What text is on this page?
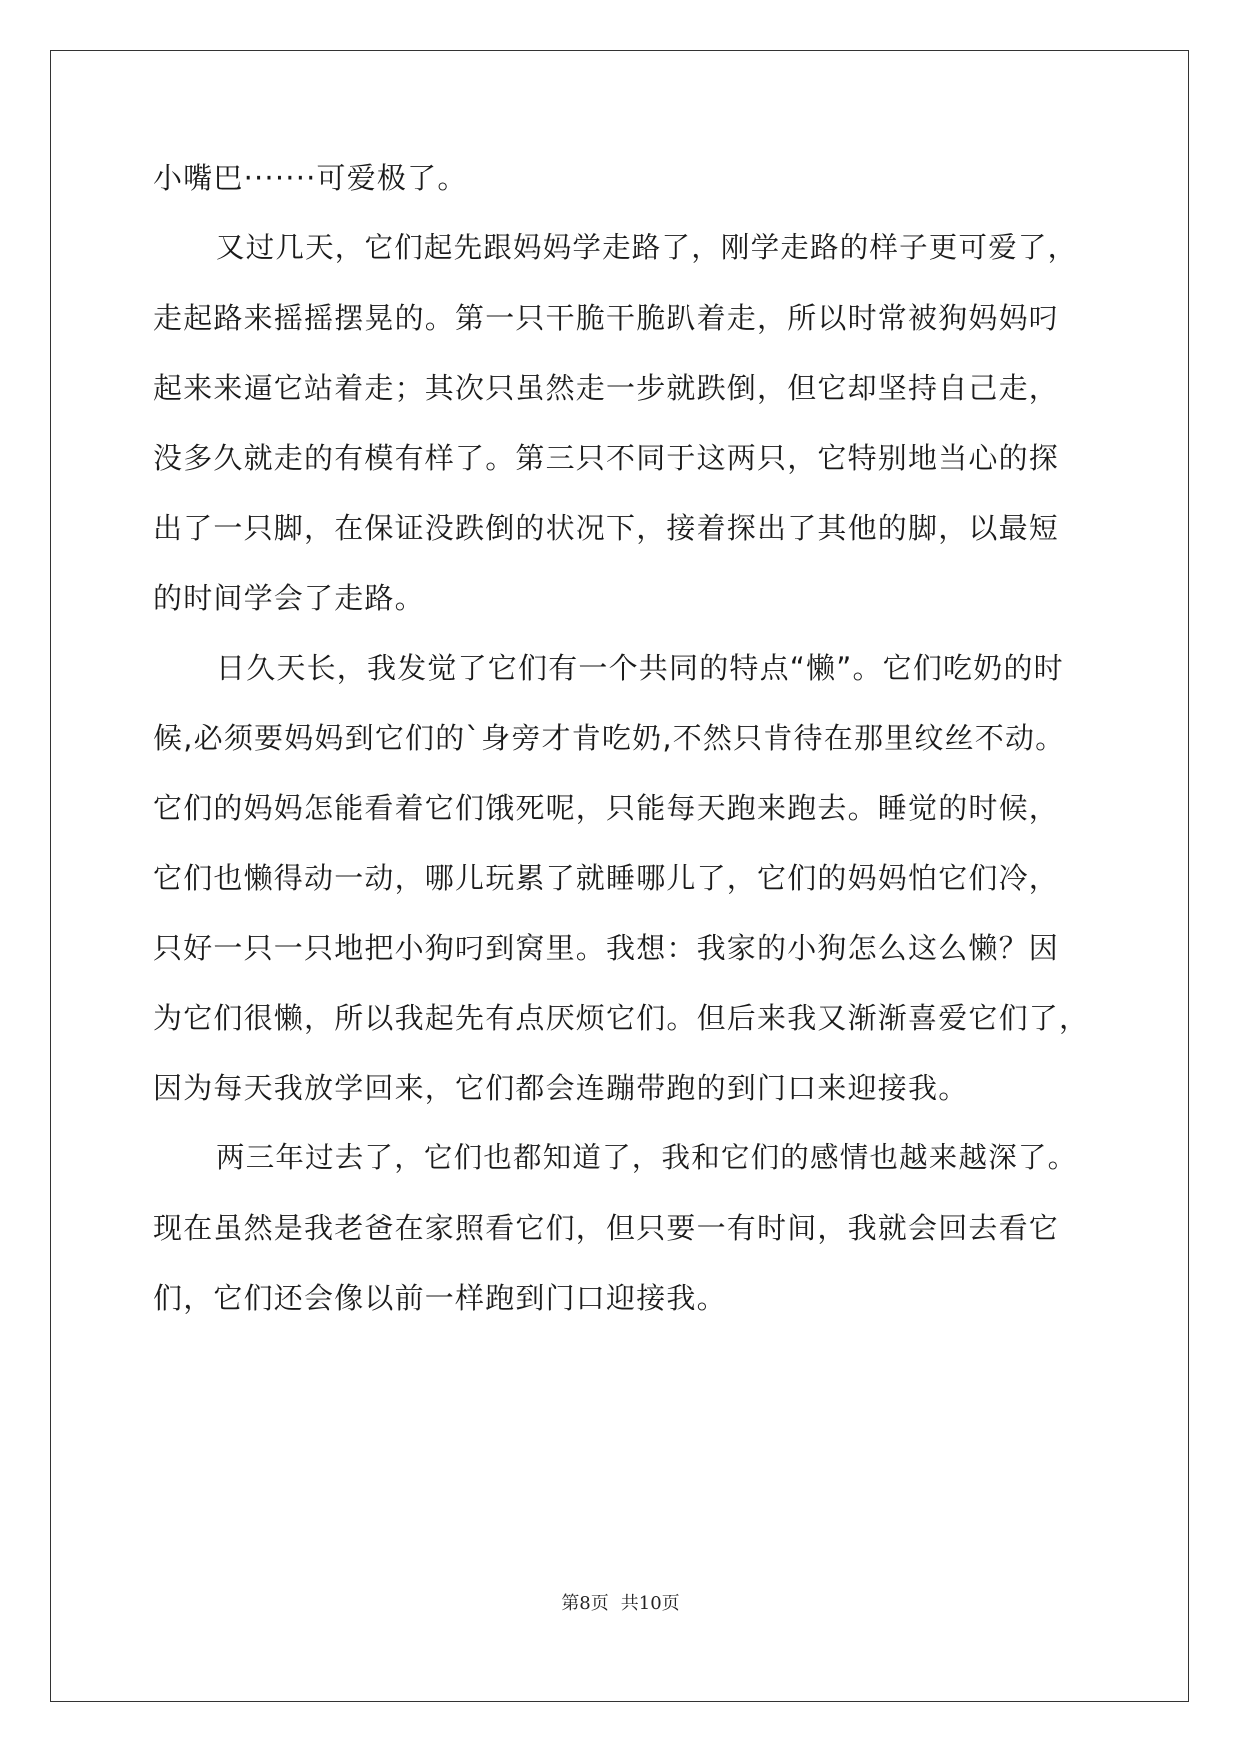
小嘴巴·······可爱极了。
又过几天，它们起先跟妈妈学走路了，刚学走路的样子更可爱了，
走起路来摇摇摆晃的。第一只干脆干脆趴着走，所以时常被狗妈妈叼
起来来逼它站着走；其次只虽然走一步就跌倒，但它却坚持自己走，
没多久就走的有模有样了。第三只不同于这两只，它特别地当心的探
出了一只脚，在保证没跌倒的状况下，接着探出了其他的脚，以最短
的时间学会了走路。
日久天长，我发觉了它们有一个共同的特点“懒”。它们吃奶的时
候,必须要妈妈到它们的`身旁才肯吃奶,不然只肯待在那里纹丝不动。
它们的妈妈怎能看着它们饿死呢，只能每天跑来跑去。睡觉的时候，
它们也懒得动一动，哪儿玩累了就睡哪儿了，它们的妈妈怕它们冷，
只好一只一只地把小狗叼到窝里。我想：我家的小狗怎么这么懒？因
为它们很懒，所以我起先有点厌烦它们。但后来我又渐渐喜爱它们了，
因为每天我放学回来，它们都会连蹦带跑的到门口来迎接我。
两三年过去了，它们也都知道了，我和它们的感情也越来越深了。
现在虽然是我老爸在家照看它们，但只要一有时间，我就会回去看它
们，它们还会像以前一样跑到门口迎接我。
第8页 共10页
